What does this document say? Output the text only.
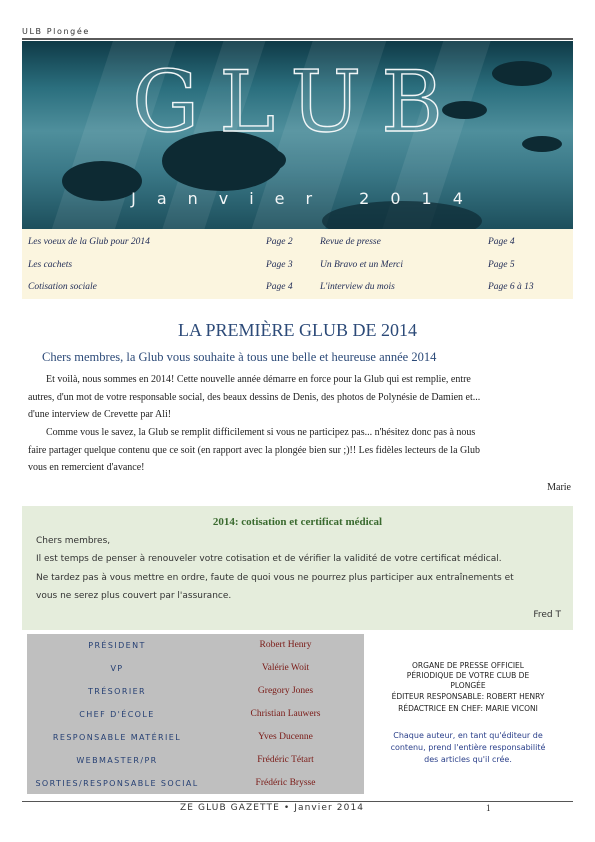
ULB Plongée
GLUB
Janvier 2014
Les voeux de la Glub pour 2014	Page 2	Revue de presse	Page 4
Les cachets	Page 3	Un Bravo et un Merci	Page 5
Cotisation sociale	Page 4	L'interview du mois	Page 6 à 13
LA PREMIÈRE GLUB DE 2014
Chers membres, la Glub vous souhaite à tous une belle et heureuse année 2014

Et voilà, nous sommes en 2014! Cette nouvelle année démarre en force pour la Glub qui est remplie, entre

autres, d'un mot de votre responsable social, des beaux dessins de Denis, des photos de Polynésie de Damien et...

d'une interview de Crevette par Ali!

Comme vous le savez, la Glub se remplit difficilement si vous ne participez pas... n'hésitez donc pas à nous

faire partager quelque contenu que ce soit (en rapport avec la plongée bien sur ;)!! Les fidèles lecteurs de la Glub

vous en remercient d'avance!

Marie
2014: cotisation et certificat médical
Chers membres,
Il est temps de penser à renouveler votre cotisation et de vérifier la validité de votre certificat médical.
Ne tardez pas à vous mettre en ordre, faute de quoi vous ne pourrez plus participer aux entraînements et
vous ne serez plus couvert par l'assurance.
Fred T
PRÉSIDENT	Robert Henry
VP	Valérie Woit
TRÉSORIER	Gregory Jones
CHEF D'ÉCOLE	Christian Lauwers
RESPONSABLE MATÉRIEL	Yves Ducenne
WEBMASTER/PR	Frédéric Tétart
SORTIES/RESPONSABLE SOCIAL	Frédéric Brysse
ORGANE DE PRESSE OFFICIEL
PÉRIODIQUE DE VOTRE CLUB DE
PLONGÉE
ÉDITEUR RESPONSABLE: ROBERT HENRY
RÉDACTRICE EN CHEF: MARIE VICONI
Chaque auteur, en tant qu'éditeur de contenu, prend l'entière responsabilité des articles qu'il crée.
ZE GLUB GAZETTE • Janvier 2014	1
